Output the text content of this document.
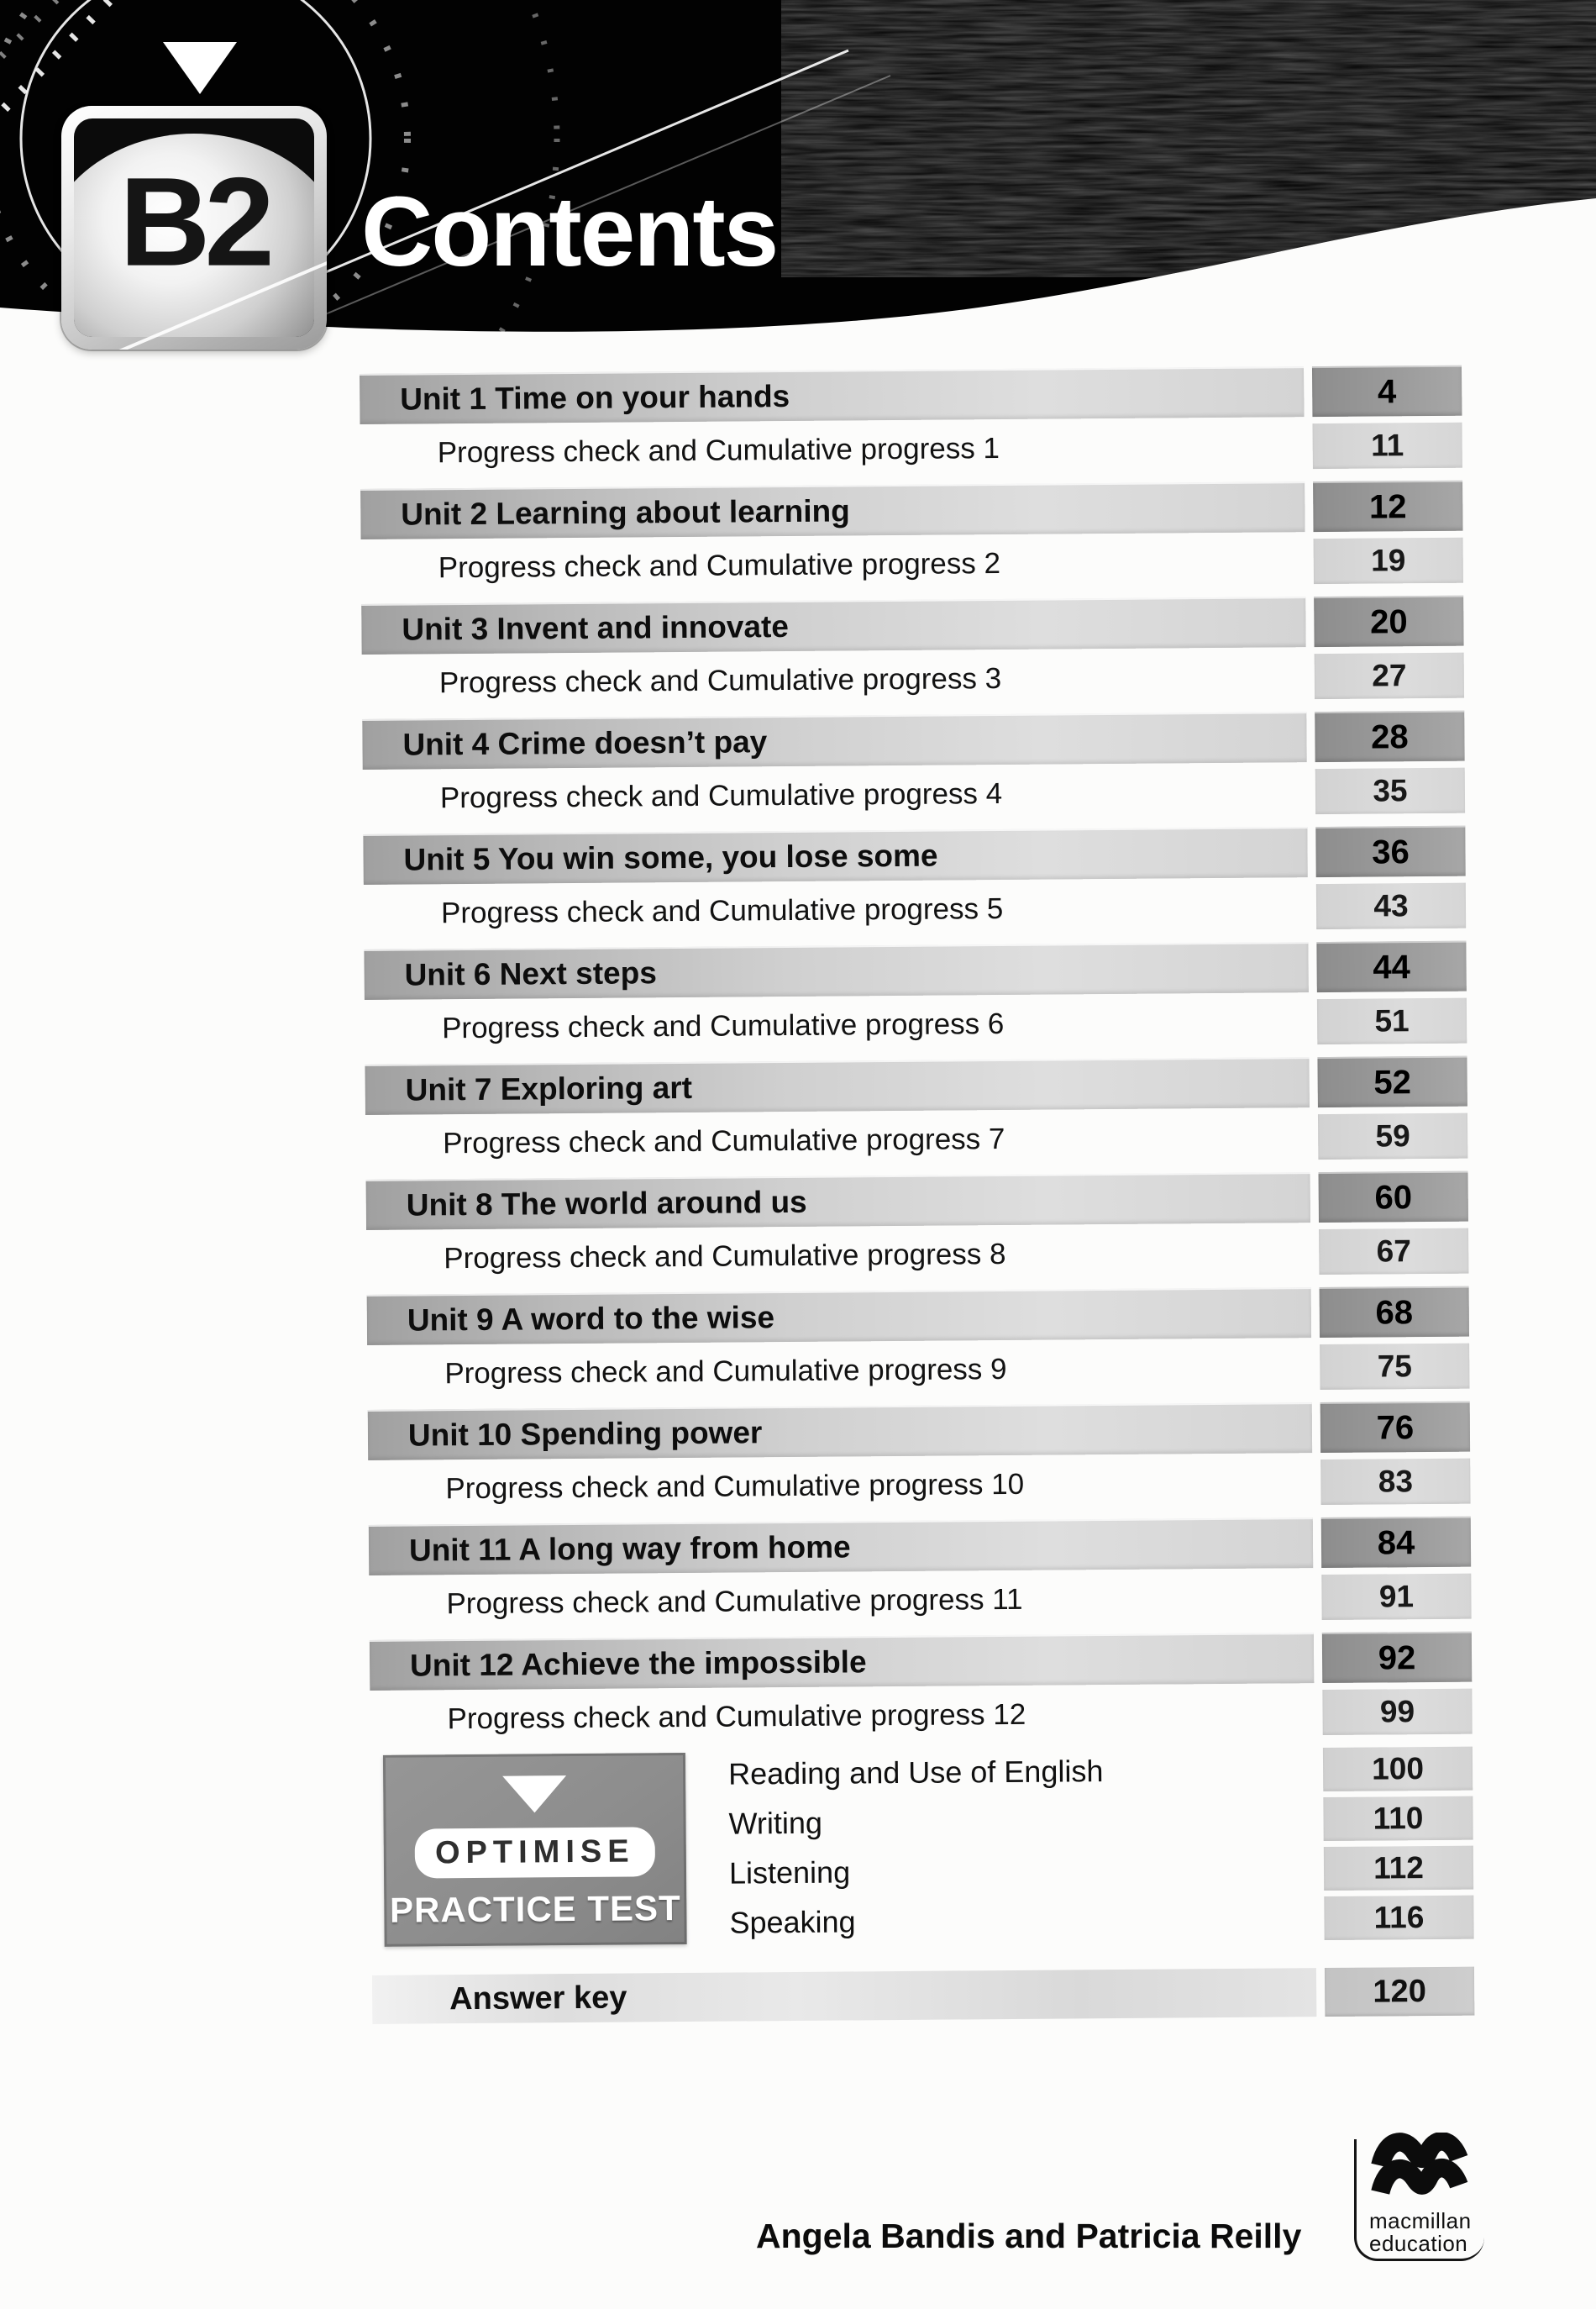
B2 Contents
Unit 1 Time on your hands	4
Progress check and Cumulative progress 1	11
Unit 2 Learning about learning	12
Progress check and Cumulative progress 2	19
Unit 3 Invent and innovate	20
Progress check and Cumulative progress 3	27
Unit 4 Crime doesn’t pay	28
Progress check and Cumulative progress 4	35
Unit 5 You win some, you lose some	36
Progress check and Cumulative progress 5	43
Unit 6 Next steps	44
Progress check and Cumulative progress 6	51
Unit 7 Exploring art	52
Progress check and Cumulative progress 7	59
Unit 8 The world around us	60
Progress check and Cumulative progress 8	67
Unit 9 A word to the wise	68
Progress check and Cumulative progress 9	75
Unit 10 Spending power	76
Progress check and Cumulative progress 10	83
Unit 11 A long way from home	84
Progress check and Cumulative progress 11	91
Unit 12 Achieve the impossible	92
Progress check and Cumulative progress 12	99
OPTIMISE
PRACTICE TEST
Reading and Use of English	100
Writing	110
Listening	112
Speaking	116
Answer key	120
Angela Bandis and Patricia Reilly	macmillan
education
